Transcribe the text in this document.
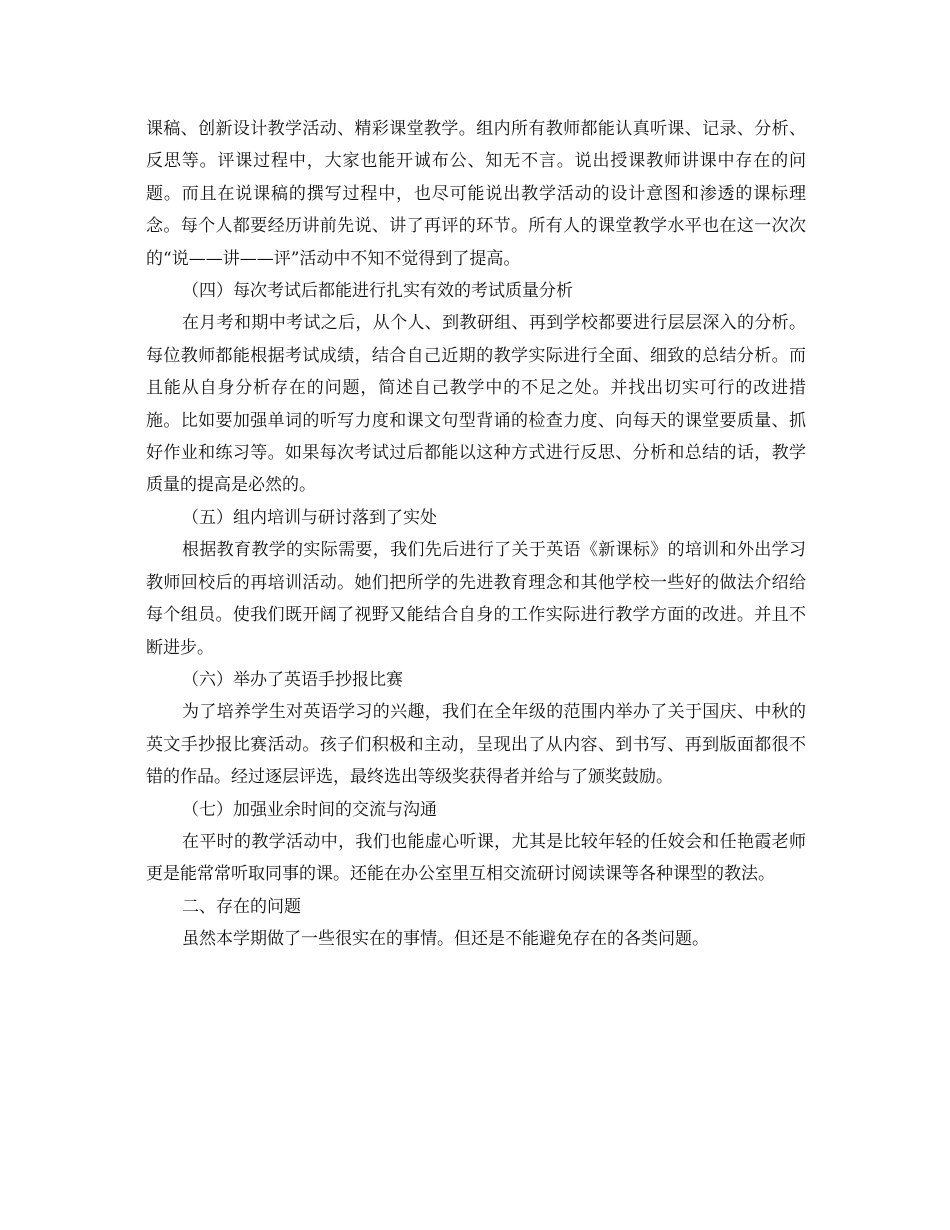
课稿、创新设计教学活动、精彩课堂教学。组内所有教师都能认真听课、记录、分析、反思等。评课过程中，大家也能开诚布公、知无不言。说出授课教师讲课中存在的问题。而且在说课稿的撰写过程中，也尽可能说出教学活动的设计意图和渗透的课标理念。每个人都要经历讲前先说、讲了再评的环节。所有人的课堂教学水平也在这一次次的“说——讲——评”活动中不知不觉得到了提高。

（四）每次考试后都能进行扎实有效的考试质量分析

在月考和期中考试之后，从个人、到教研组、再到学校都要进行层层深入的分析。每位教师都能根据考试成绩，结合自己近期的教学实际进行全面、细致的总结分析。而且能从自身分析存在的问题，简述自己教学中的不足之处。并找出切实可行的改进措施。比如要加强单词的听写力度和课文句型背诵的检查力度、向每天的课堂要质量、抓好作业和练习等。如果每次考试过后都能以这种方式进行反思、分析和总结的话，教学质量的提高是必然的。

（五）组内培训与研讨落到了实处

根据教育教学的实际需要，我们先后进行了关于英语《新课标》的培训和外出学习教师回校后的再培训活动。她们把所学的先进教育理念和其他学校一些好的做法介绍给每个组员。使我们既开阔了视野又能结合自身的工作实际进行教学方面的改进。并且不断进步。

（六）举办了英语手抄报比赛

为了培养学生对英语学习的兴趣，我们在全年级的范围内举办了关于国庆、中秋的英文手抄报比赛活动。孩子们积极和主动，呈现出了从内容、到书写、再到版面都很不错的作品。经过逐层评选，最终选出等级奖获得者并给与了颁奖鼓励。

（七）加强业余时间的交流与沟通

在平时的教学活动中，我们也能虚心听课，尤其是比较年轻的任姣会和任艳霞老师更是能常常听取同事的课。还能在办公室里互相交流研讨阅读课等各种课型的教法。

二、存在的问题

虽然本学期做了一些很实在的事情。但还是不能避免存在的各类问题。
